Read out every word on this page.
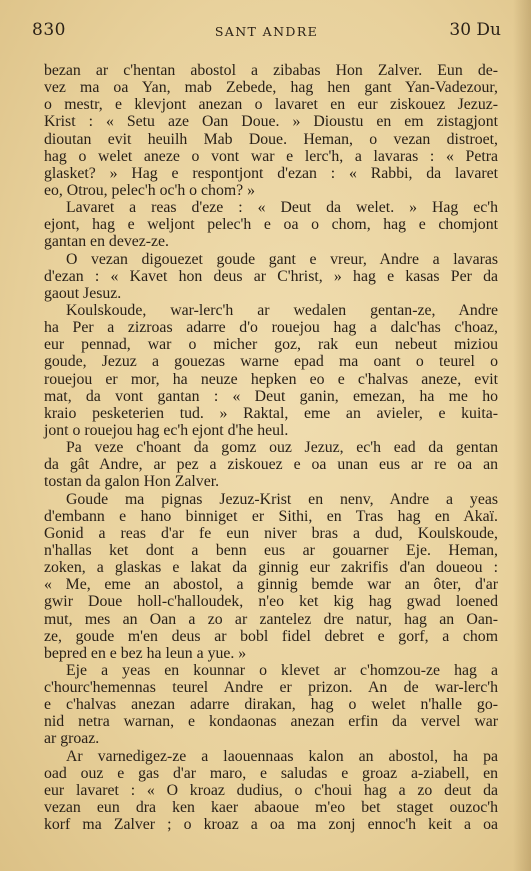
830	SANT ANDRE	30 Du
bezan ar c'hentan abostol a zibabas Hon Zalver. Eun de-
vez ma oa Yan, mab Zebede, hag hen gant Yan-Vadezour,
o mestr, e klevjont anezan o lavaret en eur ziskouez Jezuz-
Krist : « Setu aze Oan Doue. » Dioustu en em zistagjont
dioutan evit heuilh Mab Doue. Heman, o vezan distroet,
hag o welet aneze o vont war e lerc'h, a lavaras : « Petra
glasket? » Hag e respontjont d'ezan : « Rabbi, da lavaret
eo, Otrou, pelec'h oc'h o chom? »
Lavaret a reas d'eze : « Deut da welet. » Hag ec'h
ejont, hag e weljont pelec'h e oa o chom, hag e chomjont
gantan en devez-ze.
O vezan digouezet goude gant e vreur, Andre a lavaras
d'ezan : « Kavet hon deus ar C'hrist, » hag e kasas Per da
gaout Jesuz.
Koulskoude, war-lerc'h ar wedalen gentan-ze, Andre
ha Per a zizroas adarre d'o rouejou hag a dalc'has c'hoaz,
eur pennad, war o micher goz, rak eun nebeut miziou
goude, Jezuz a gouezas warne epad ma oant o teurel o
rouejou er mor, ha neuze hepken eo e c'halvas aneze, evit
mat, da vont gantan : « Deut ganin, emezan, ha me ho
kraio pesketerien tud. » Raktal, eme an avieler, e kuita-
jont o rouejou hag ec'h ejont d'he heul.
Pa veze c'hoant da gomz ouz Jezuz, ec'h ead da gentan
da gât Andre, ar pez a ziskouez e oa unan eus ar re oa an
tostan da galon Hon Zalver.
Goude ma pignas Jezuz-Krist en nenv, Andre a yeas
d'embann e hano binniget er Sithi, en Tras hag en Akaï.
Gonid a reas d'ar fe eun niver bras a dud, Koulskoude,
n'hallas ket dont a benn eus ar gouarner Eje. Heman,
zoken, a glaskas e lakat da ginnig eur zakrifis d'an doueou :
« Me, eme an abostol, a ginnig bemde war an ôter, d'ar
gwir Doue holl-c'halloudek, n'eo ket kig hag gwad loened
mut, mes an Oan a zo ar zantelez dre natur, hag an Oan-
ze, goude m'en deus ar bobl fidel debret e gorf, a chom
bepred en e bez ha leun a yue. »
Eje a yeas en kounnar o klevet ar c'homzou-ze hag a
c'hourc'hemennas teurel Andre er prizon. An de war-lerc'h
e c'halvas anezan adarre dirakan, hag o welet n'halle go-
nid netra warnan, e kondaonas anezan erfin da vervel war
ar groaz.
Ar varnedigez-ze a laouennaas kalon an abostol, ha pa
oad ouz e gas d'ar maro, e saludas e groaz a-ziabell, en
eur lavaret : « O kroaz dudius, o c'houi hag a zo deut da
vezan eun dra ken kaer abaoue m'eo bet staget ouzoc'h
korf ma Zalver ; o kroaz a oa ma zonj ennoc'h keit a oa
